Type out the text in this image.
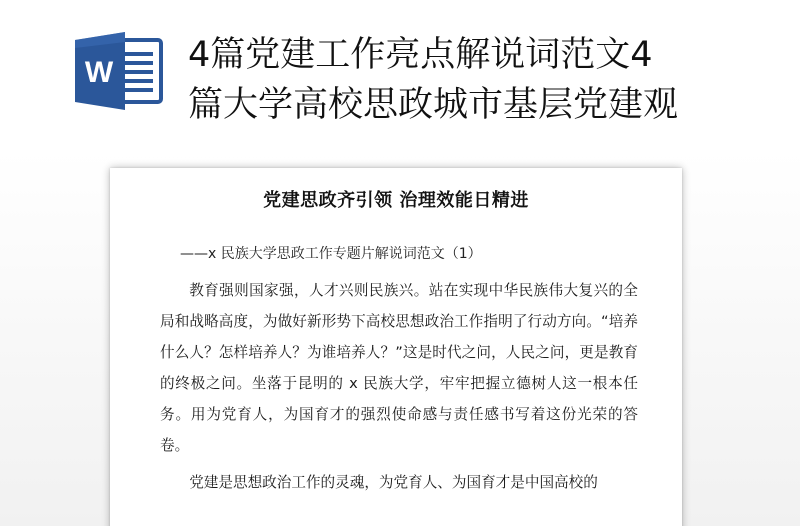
W 4篇党建工作亮点解说词范文4
篇大学高校思政城市基层党建观
党建思政齐引领 治理效能日精进
——x 民族大学思政工作专题片解说词范文（1）

教育强则国家强，人才兴则民族兴。站在实现中华民族伟大复兴的全局和战略高度，为做好新形势下高校思想政治工作指明了行动方向。“培养什么人？怎样培养人？为谁培养人？”这是时代之问，人民之问，更是教育的终极之问。坐落于昆明的 x 民族大学，牢牢把握立德树人这一根本任务。用为党育人，为国育才的强烈使命感与责任感书写着这份光荣的答卷。

党建是思想政治工作的灵魂，为党育人、为国育才是中国高校的
